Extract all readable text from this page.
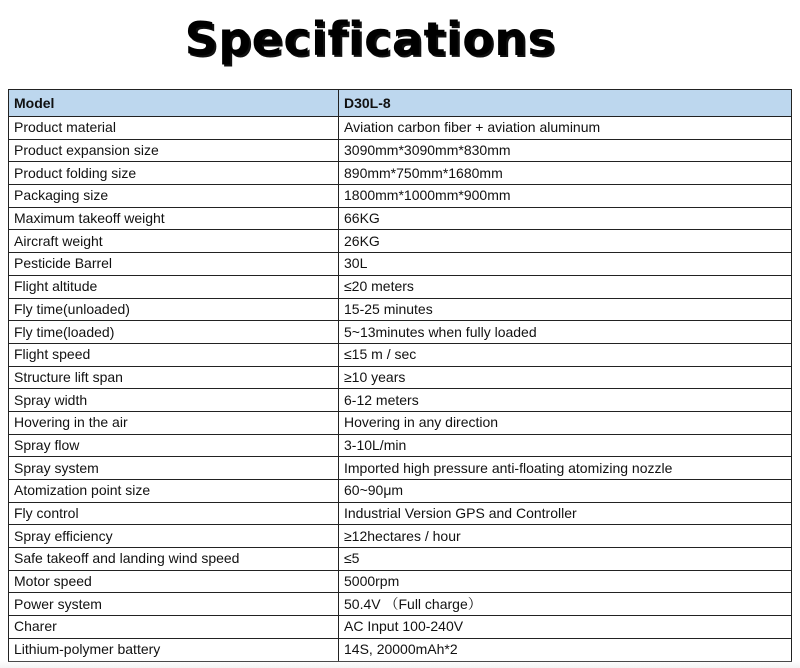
Specifications
Model	D30L-8
Product material	Aviation carbon fiber + aviation aluminum
Product expansion size	3090mm*3090mm*830mm
Product folding size	890mm*750mm*1680mm
Packaging size	1800mm*1000mm*900mm
Maximum takeoff weight	66KG
Aircraft weight	26KG
Pesticide Barrel	30L
Flight altitude	≤20 meters
Fly time(unloaded)	15-25 minutes
Fly time(loaded)	5~13minutes when fully loaded
Flight speed	≤15 m / sec
Structure lift span	≥10 years
Spray width	6-12 meters
Hovering in the air	Hovering in any direction
Spray flow	3-10L/min
Spray system	Imported high pressure anti-floating atomizing nozzle
Atomization point size	60~90μm
Fly control	Industrial Version GPS and Controller
Spray efficiency	≥12hectares / hour
Safe takeoff and landing wind speed	≤5
Motor speed	5000rpm
Power system	50.4V （Full charge）
Charer	AC Input 100-240V
Lithium-polymer battery	14S, 20000mAh*2
